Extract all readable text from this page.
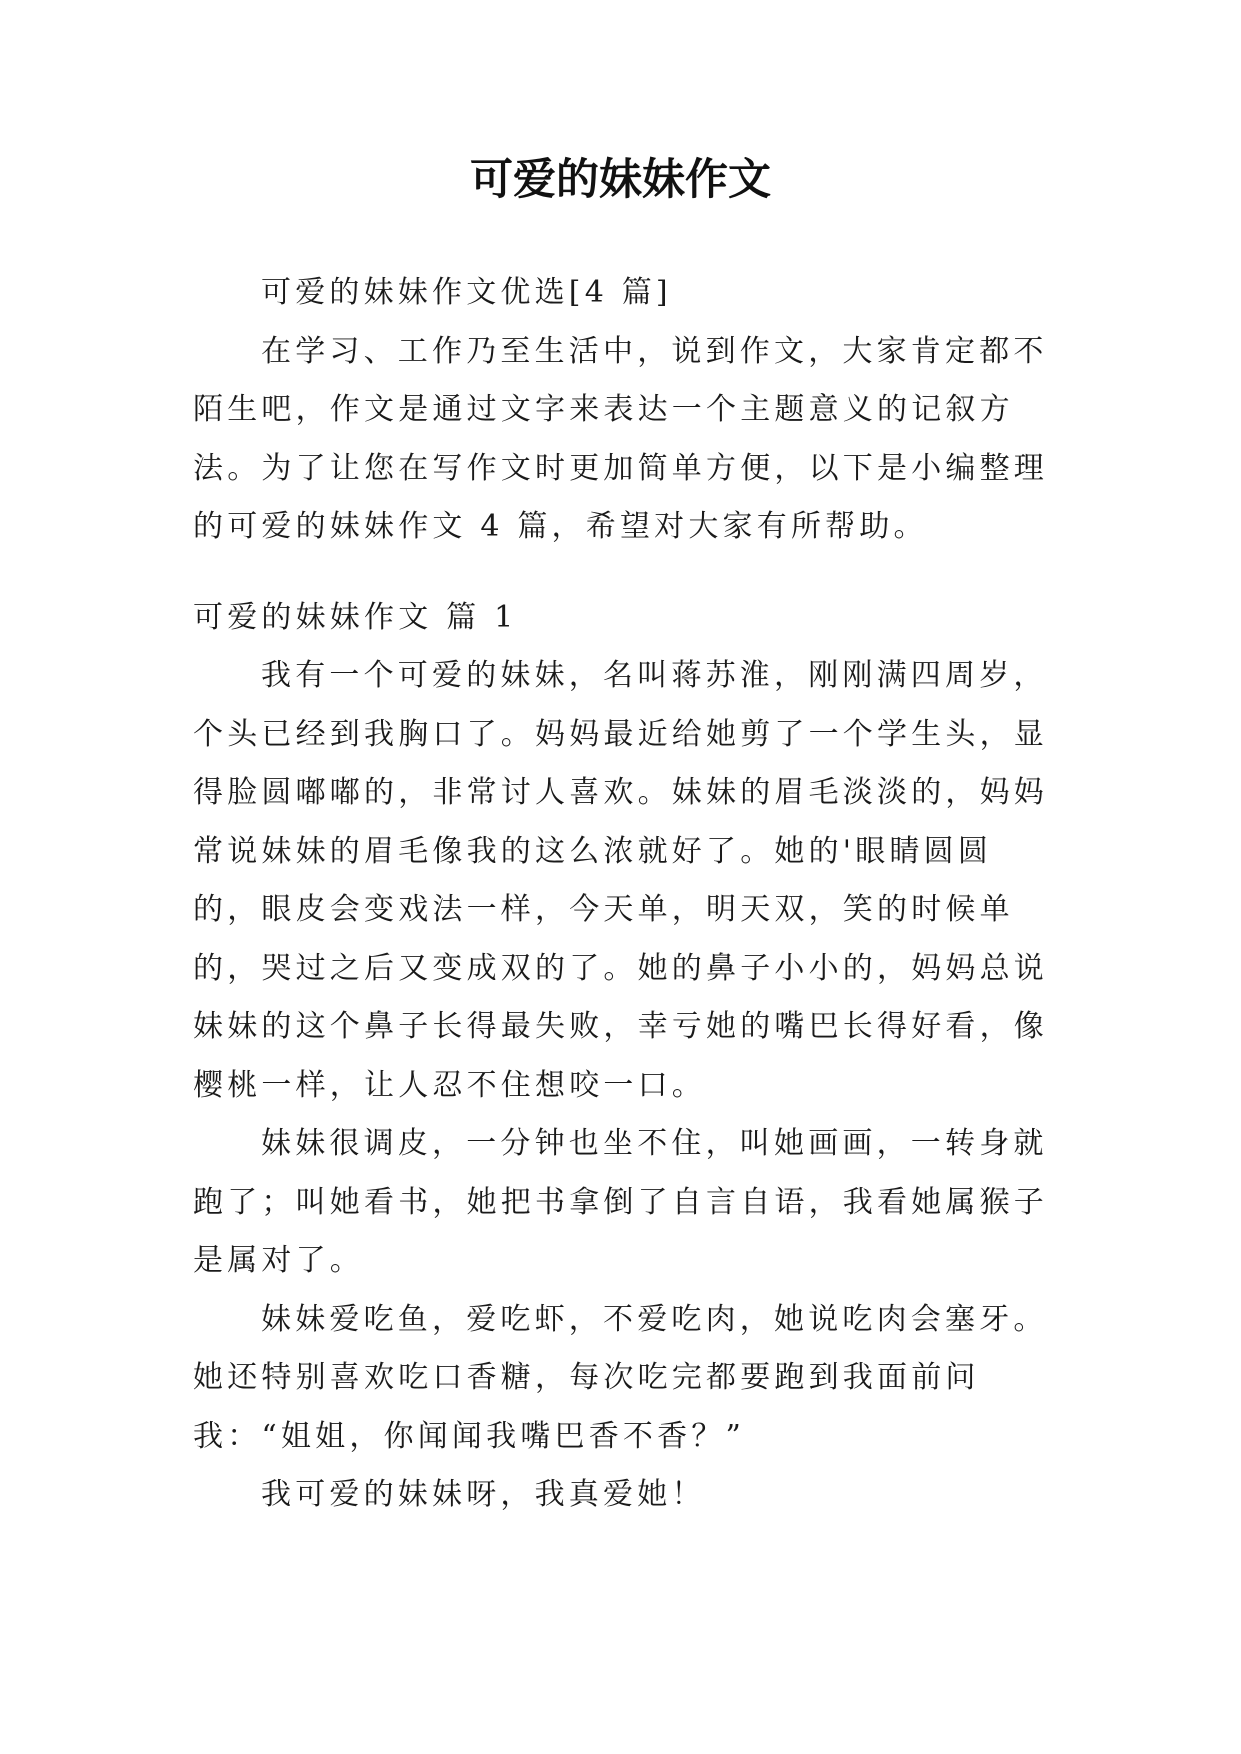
可爱的妹妹作文

可爱的妹妹作文优选[4 篇]

在学习、工作乃至生活中，说到作文，大家肯定都不陌生吧，作文是通过文字来表达一个主题意义的记叙方法。为了让您在写作文时更加简单方便，以下是小编整理的可爱的妹妹作文 4 篇，希望对大家有所帮助。

可爱的妹妹作文 篇 1

我有一个可爱的妹妹，名叫蒋苏淮，刚刚满四周岁，个头已经到我胸口了。妈妈最近给她剪了一个学生头，显得脸圆嘟嘟的，非常讨人喜欢。妹妹的眉毛淡淡的，妈妈常说妹妹的眉毛像我的这么浓就好了。她的'眼睛圆圆的，眼皮会变戏法一样，今天单，明天双，笑的时候单的，哭过之后又变成双的了。她的鼻子小小的，妈妈总说妹妹的这个鼻子长得最失败，幸亏她的嘴巴长得好看，像樱桃一样，让人忍不住想咬一口。

妹妹很调皮，一分钟也坐不住，叫她画画，一转身就跑了；叫她看书，她把书拿倒了自言自语，我看她属猴子是属对了。

妹妹爱吃鱼，爱吃虾，不爱吃肉，她说吃肉会塞牙。她还特别喜欢吃口香糖，每次吃完都要跑到我面前问我：“姐姐，你闻闻我嘴巴香不香？”

我可爱的妹妹呀，我真爱她！
